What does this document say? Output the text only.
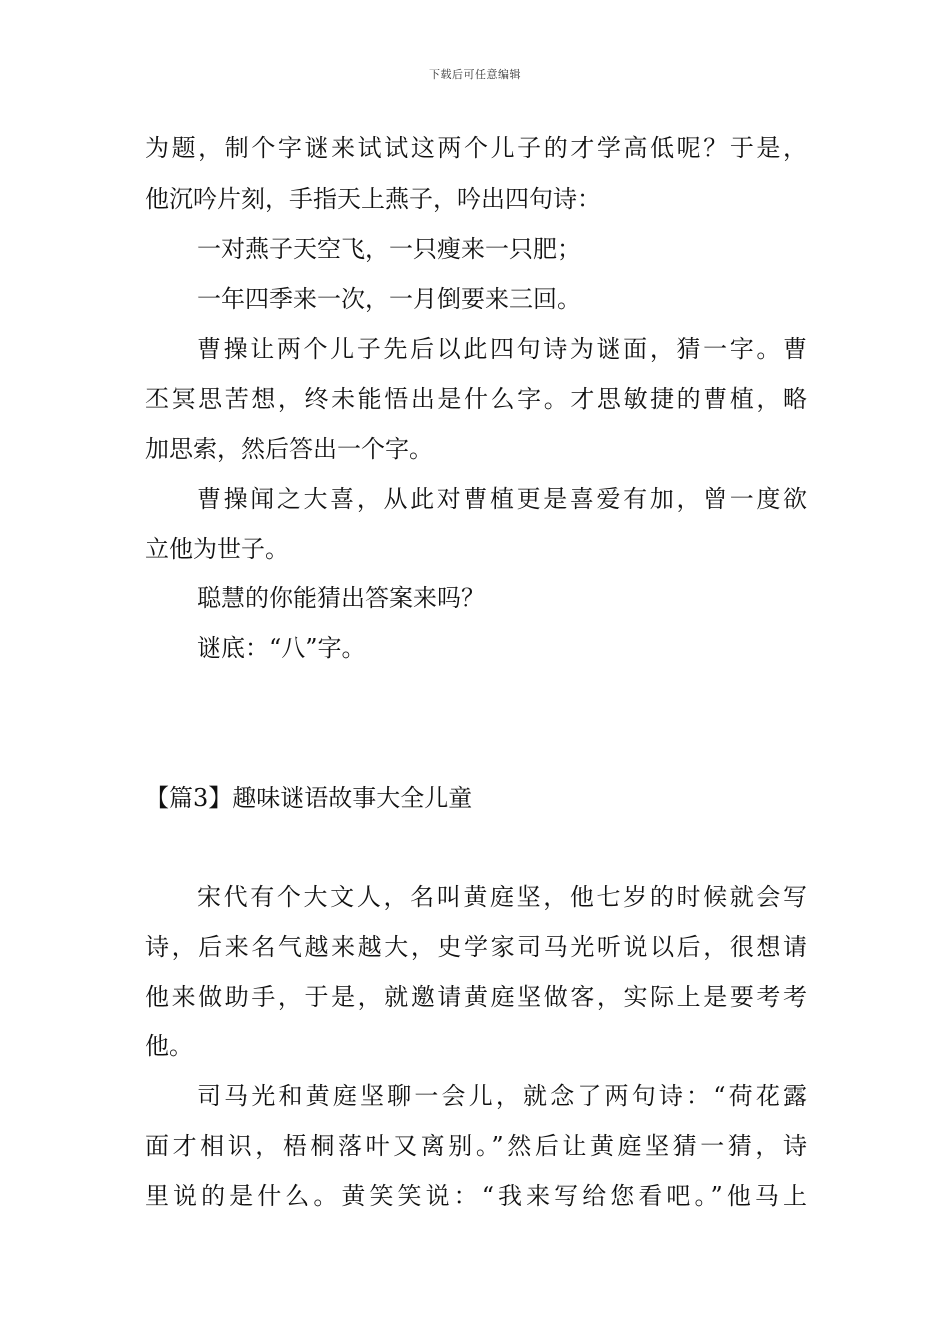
下载后可任意编辑
为题，制个字谜来试试这两个儿子的才学高低呢？于是，
他沉吟片刻，手指天上燕子，吟出四句诗：
一对燕子天空飞，一只瘦来一只肥；
一年四季来一次，一月倒要来三回。
曹操让两个儿子先后以此四句诗为谜面，猜一字。曹
丕冥思苦想，终未能悟出是什么字。才思敏捷的曹植，略
加思索，然后答出一个字。
曹操闻之大喜，从此对曹植更是喜爱有加，曾一度欲
立他为世子。
聪慧的你能猜出答案来吗？
谜底：“八”字。
【篇3】趣味谜语故事大全儿童
宋代有个大文人，名叫黄庭坚，他七岁的时候就会写
诗，后来名气越来越大，史学家司马光听说以后，很想请
他来做助手，于是，就邀请黄庭坚做客，实际上是要考考
他。
司马光和黄庭坚聊一会儿，就念了两句诗：“荷花露
面才相识，梧桐落叶又离别。”然后让黄庭坚猜一猜，诗
里说的是什么。黄笑笑说：“我来写给您看吧。”他马上
